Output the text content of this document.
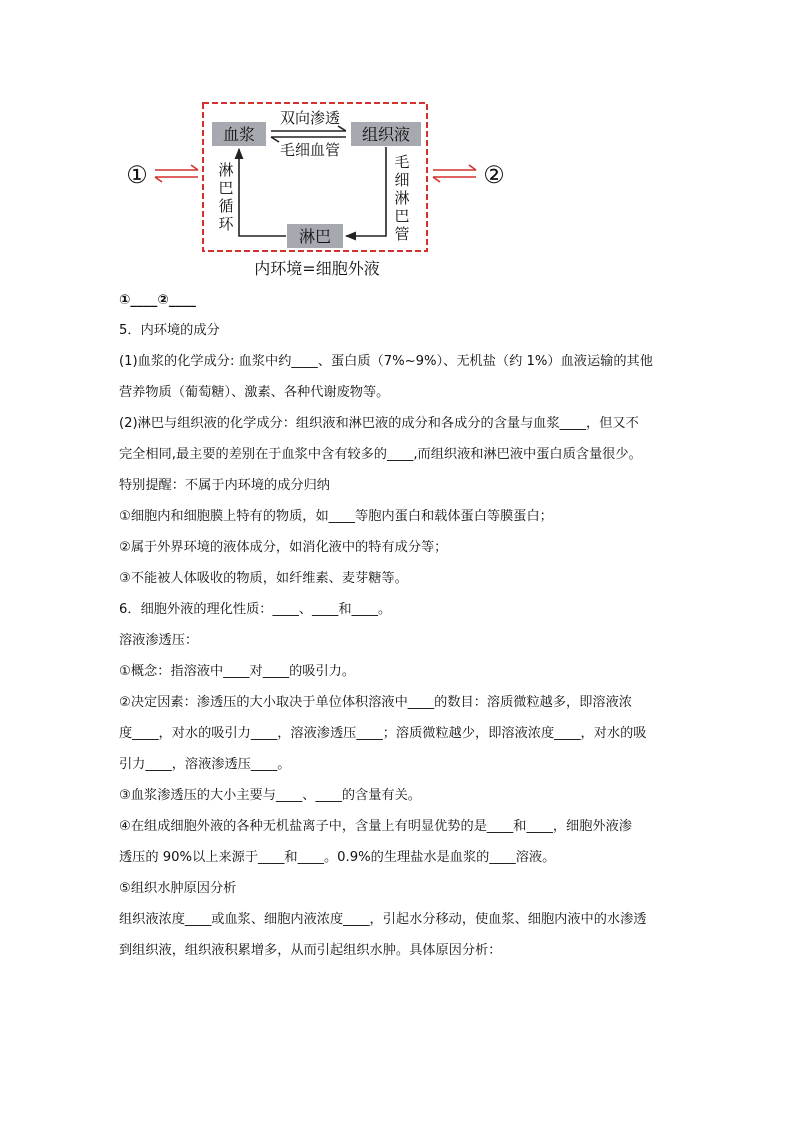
血浆	组织液
淋巴
双向渗透
毛细血管
淋
巴
循
环
毛
细
淋
巴
管
①	②
内环境=细胞外液
①____②____
5．内环境的成分
(1)血浆的化学成分: 血浆中约____、蛋白质（7%~9%）、无机盐（约 1%）血液运输的其他
营养物质（葡萄糖）、激素、各种代谢废物等。
(2)淋巴与组织液的化学成分：组织液和淋巴液的成分和各成分的含量与血浆____，但又不
完全相同,最主要的差别在于血浆中含有较多的____,而组织液和淋巴液中蛋白质含量很少。
特别提醒：不属于内环境的成分归纳
①细胞内和细胞膜上特有的物质，如____等胞内蛋白和载体蛋白等膜蛋白；
②属于外界环境的液体成分，如消化液中的特有成分等；
③不能被人体吸收的物质，如纤维素、麦芽糖等。
6．细胞外液的理化性质：____、____和____。
溶液渗透压：
①概念：指溶液中____对____的吸引力。
②决定因素：渗透压的大小取决于单位体积溶液中____的数目：溶质微粒越多，即溶液浓
度____，对水的吸引力____，溶液渗透压____；溶质微粒越少，即溶液浓度____，对水的吸
引力____，溶液渗透压____。
③血浆渗透压的大小主要与____、____的含量有关。
④在组成细胞外液的各种无机盐离子中，含量上有明显优势的是____和____，细胞外液渗
透压的 90%以上来源于____和____。0.9%的生理盐水是血浆的____溶液。
⑤组织水肿原因分析
组织液浓度____或血浆、细胞内液浓度____，引起水分移动，使血浆、细胞内液中的水渗透
到组织液，组织液积累增多，从而引起组织水肿。具体原因分析：
